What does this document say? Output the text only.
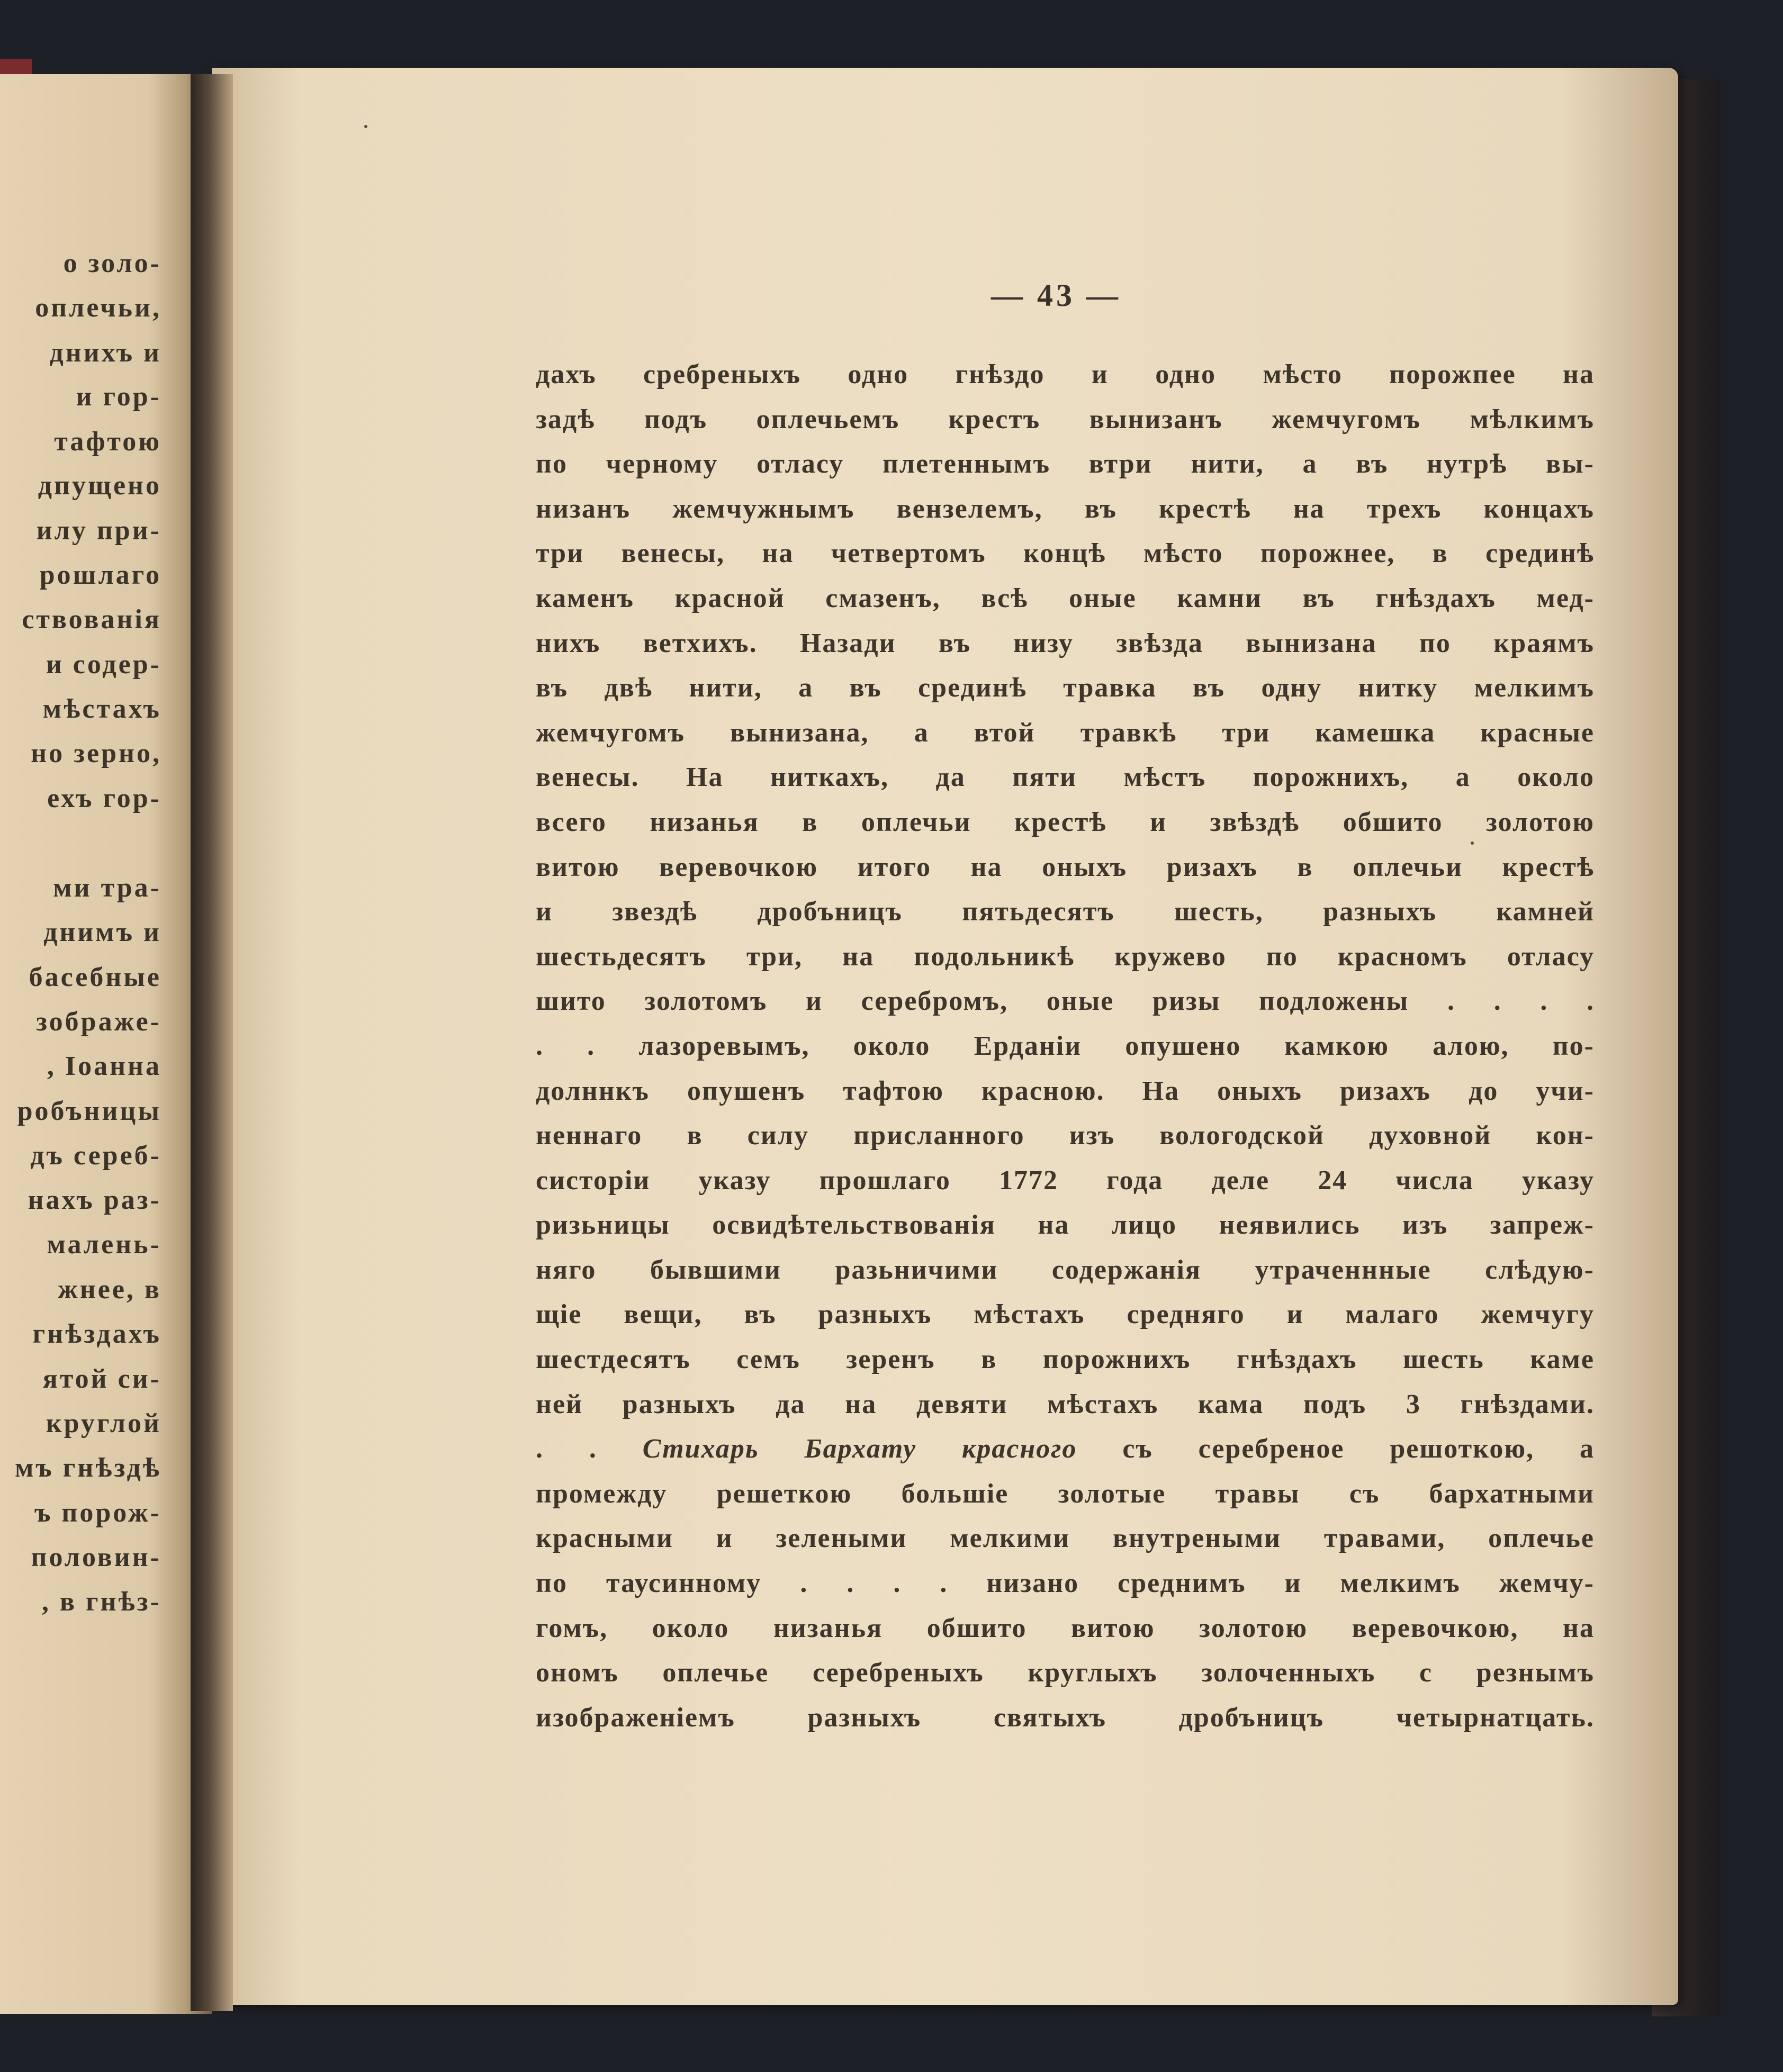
о золо-
оплечьи,
днихъ и
и гор-
тафтою
дпущено
илу при-
рошлаго
ствованія
и содер-
мѣстахъ
но зерно,
ехъ гор-
ми тра-
днимъ и
басебные
зображе-
, Іоанна
робъницы
дъ сереб-
нахъ раз-
малень-
жнее, в
гнѣздахъ
ятой си-
круглой
мъ гнѣздѣ
ъ порож-
половин-
, в гнѣз-
— 43 —
дахъ сребреныхъ одно гнѣздо и одно мѣсто порожпее на
задѣ подъ оплечьемъ крестъ вынизанъ жемчугомъ мѣлкимъ
по черному отласу плетеннымъ втри нити, а въ нутрѣ вы-
низанъ жемчужнымъ вензелемъ, въ крестѣ на трехъ концахъ
три венесы, на четвертомъ концѣ мѣсто порожнее, в срединѣ
каменъ красной смазенъ, всѣ оные камни въ гнѣздахъ мед-
нихъ ветхихъ. Назади въ низу звѣзда вынизана по краямъ
въ двѣ нити, а въ срединѣ травка въ одну нитку мелкимъ
жемчугомъ вынизана, а втой травкѣ три камешка красные
венесы. На ниткахъ, да пяти мѣстъ порожнихъ, а около
всего низанья в оплечьи крестѣ и звѣздѣ обшито золотою
витою веревочкою итого на оныхъ ризахъ в оплечьи крестѣ
и звездѣ дробъницъ пятьдесятъ шесть, разныхъ камней
шестьдесятъ три, на подольникѣ кружево по красномъ отласу
шито золотомъ и серебромъ, оные ризы подложены . . . .
. . лазоревымъ, около Ерданіи опушено камкою алою, по-
долннкъ опушенъ тафтою красною. На оныхъ ризахъ до учи-
неннаго в силу присланного изъ вологодской духовной кон-
систоріи указу прошлаго 1772 года деле 24 числа указу
ризьницы освидѣтельствованія на лицо неявились изъ запреж-
няго бывшими разьничими содержанія утраченнные слѣдую-
щіе вещи, въ разныхъ мѣстахъ средняго и малаго жемчугу
шестдесятъ семъ зеренъ в порожнихъ гнѣздахъ шесть каме
ней разныхъ да на девяти мѣстахъ кама подъ 3 гнѣздами.
. . Стихарь Бархату красного съ серебреное решоткою, а
промежду решеткою большіе золотые травы съ бархатными
красными и зелеными мелкими внутреными травами, оплечье
по таусинному . . . . низано среднимъ и мелкимъ жемчу-
гомъ, около низанья обшито витою золотою веревочкою, на
ономъ оплечье серебреныхъ круглыхъ золоченныхъ с резнымъ
изображеніемъ разныхъ святыхъ дробъницъ четырнатцать.
